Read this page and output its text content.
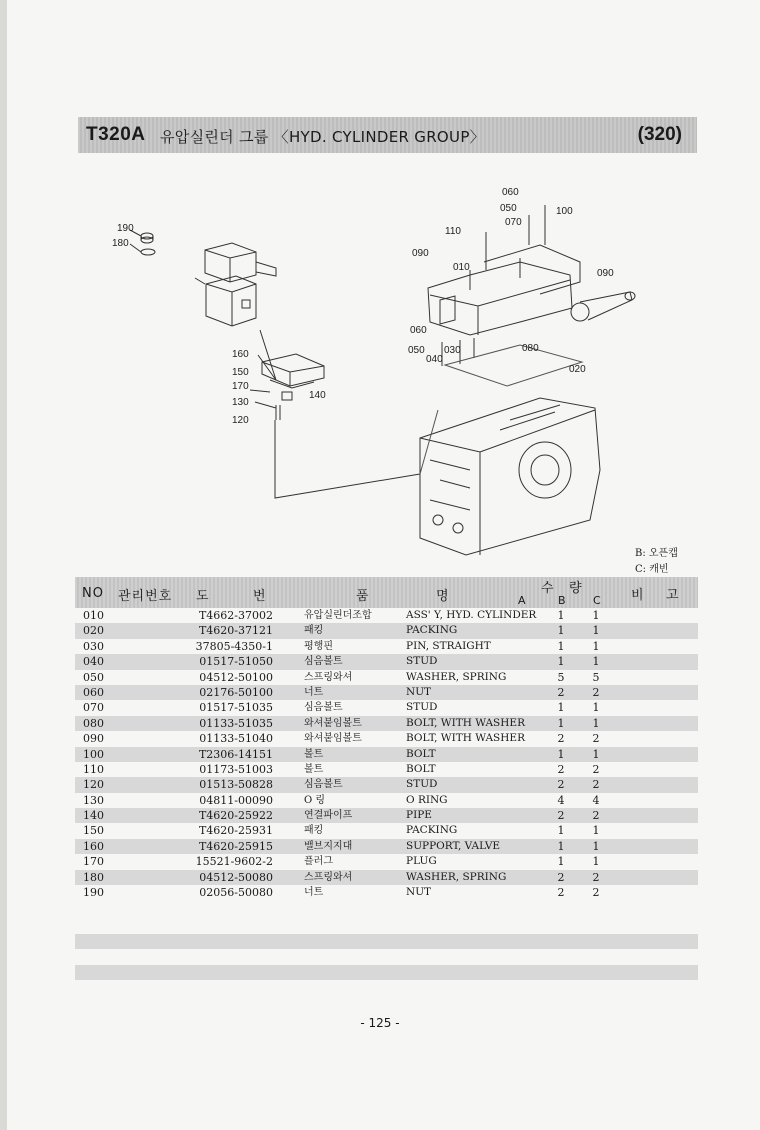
T320A 유압실린더 그룹 〈HYD. CYLINDER GROUP〉	(320)
190
180
160
150
170
130
140
120
060
050
070
100
110
090
010
090
060
050 030
040
080
020
B: 오픈캡
C: 캐빈
NO 관리번호 도	번	품	명
수 량
A	B C 비 고
010	T4662-37002	유압실린더조합	ASS' Y, HYD. CYLINDER 1	1
020	T4620-37121	패킹	PACKING	1	1
030	37805-4350-1	평행핀	PIN, STRAIGHT	1	1
040	01517-51050	심음볼트	STUD	1	1
050	04512-50100	스프링와셔	WASHER, SPRING	5	5
060	02176-50100	너트	NUT	2	2
070	01517-51035	심음볼트	STUD	1	1
080	01133-51035	와셔붙임볼트	BOLT, WITH WASHER	1	1
090	01133-51040	와셔붙임볼트	BOLT, WITH WASHER	2	2
100	T2306-14151	볼트	BOLT	1	1
110	01173-51003	볼트	BOLT	2	2
120	01513-50828	심음볼트	STUD	2	2
130	04811-00090	O 링	O RING	4	4
140	T4620-25922	연결파이프	PIPE	2	2
150	T4620-25931	패킹	PACKING	1	1
160	T4620-25915	밸브지지대	SUPPORT, VALVE	1	1
170	15521-9602-2	플러그	PLUG	1	1
180	04512-50080	스프링와셔	WASHER, SPRING	2	2
190	02056-50080	너트	NUT	2	2
- 125 -
